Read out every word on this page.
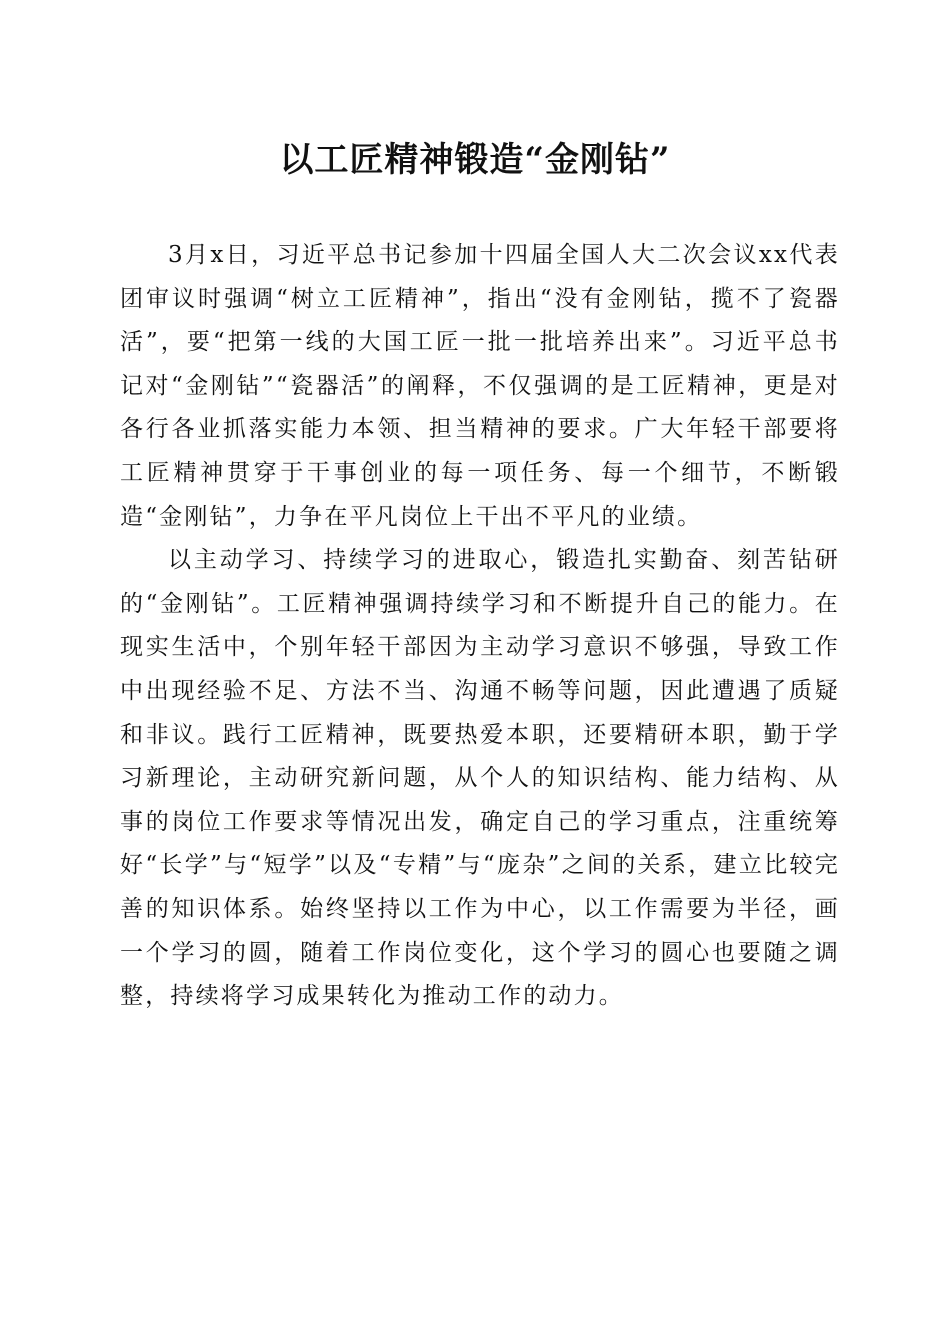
以工匠精神锻造“金刚钻”

3月x日，习近平总书记参加十四届全国人大二次会议xx代表团审议时强调“树立工匠精神”，指出“没有金刚钻，揽不了瓷器活”，要“把第一线的大国工匠一批一批培养出来”。习近平总书记对“金刚钻”“瓷器活”的阐释，不仅强调的是工匠精神，更是对各行各业抓落实能力本领、担当精神的要求。广大年轻干部要将工匠精神贯穿于干事创业的每一项任务、每一个细节，不断锻造“金刚钻”，力争在平凡岗位上干出不平凡的业绩。

以主动学习、持续学习的进取心，锻造扎实勤奋、刻苦钻研的“金刚钻”。工匠精神强调持续学习和不断提升自己的能力。在现实生活中，个别年轻干部因为主动学习意识不够强，导致工作中出现经验不足、方法不当、沟通不畅等问题，因此遭遇了质疑和非议。践行工匠精神，既要热爱本职，还要精研本职，勤于学习新理论，主动研究新问题，从个人的知识结构、能力结构、从事的岗位工作要求等情况出发，确定自己的学习重点，注重统筹好“长学”与“短学”以及“专精”与“庞杂”之间的关系，建立比较完善的知识体系。始终坚持以工作为中心，以工作需要为半径，画一个学习的圆，随着工作岗位变化，这个学习的圆心也要随之调整，持续将学习成果转化为推动工作的动力。
